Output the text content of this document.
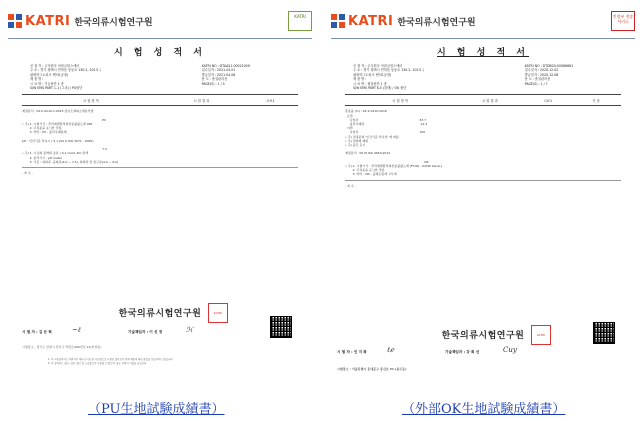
KATRI 한국의류시험연구원
KATRI
시 험 성 적 서
신 청 자 : 주식회사 아라클럽스에어
주 소 : 경기 평택시 안하읍 동동로 130-2, 101호 (
광평하그노파크 벤처1공장)
제 품 명 :
시 료 명 : 기능원단 1 종
S/W EMS PART 1-1 (그리) / PU원단
KATRI NO : DTAA21-00021009
접수일자 : 2021.04.01
발급일자 : 2021.04.08
용 도 : 품질관리용
PAGE(S) : 1 / 5
시 험 항 목	시 험 결 과	시료1
재질분석 : KS K 0210-1:2015 섬유소재의소재분석법

PU
• 주) 1. 시험기기 : 푸리에변환적외선분광광도계 ATR
2. 주성분을 표시한 것임.
3. 약어 : PU - 폴리우레탄계

pH : 인산기준 부속시 ( 5.1 (KS K ISO 3071 : 2005)

7.2
• 주) 1. 시료의 용액의 총류 ( 0.1 mol/L KCl 용액
2. 분석기기 : pH meter
3. 기준 : 내의류, 중의류(4.0 ~ 7.5), 외의류 및 침구류(4.0 ~ 9.0)
- 계 속 -
한국의류시험연구원	KATRI
시 험 자 : 김 은 혁	~ℓ	기술책임자 : 이 선 정	ℋ
시험장소 : 경기도 안양시 만안구 박달로486번길 12(안양동)
1. 이 시험성적서는 의뢰자가 제시한 시료 및 시료명으로 시험한 결과로서 전체 제품에 대한 품질을 보증하지는 않습니다.
2. 이 성적서는 홍보, 선전, 광고 및 소송용으로 사용될 수 없으며, 용도 이외의 사용을 금합니다.
KATRI 한국의류시험연구원
인정부 전송서비스
시 험 성 적 서
신 청 자 : 주식회사 아라클럽스에어
주 소 : 경기 평택시 안하읍 동동로 130-2, 101호 (
광평하그노파크 벤처1공장)
제 품 명 :
시 료 명 : 원물원단 1 종
S/W EMS PART K-5 (블랙) / OK 원단
KATRI NO : DTDB20-00086661
접수일자 : 2020.12.02
발급일자 : 2020.12.08
용 도 : 품질관리용
PAGE(S) : 1 / 7
시 험 항 목	시 험 결 과	시료1	기 준
혼용률 (%) : KS K 0210:2016
표면
나일론                                                                67.7
폴리우레탄                                                           12.3
이면
나일론                                                                100
• 주) 결과값의 '인건기준 부속서' 에 따름.
• 주) 접착제 제외
• 주) 중건 표시

재질분석 : KS M ISO 4650:2012

OR
• 주) 1. 시험기기 : 푸리에변환적외선분광광도계 (FT-IR) - KATRI Library
2. 주성분을 표시한 것임.
3. 약어 : OR - 올레포린계 고무계
- 계 속 -
한국의류시험연구원	KATRI
시 험 자 : 인 지 화	ℓℯ	기술책임자 : 강 희 선	Cuy
시험장소 : 서울특별시 동대문구 홍신로 51 (용두동)
（PU生地試験成績書）	（外部OK生地試験成績書）
